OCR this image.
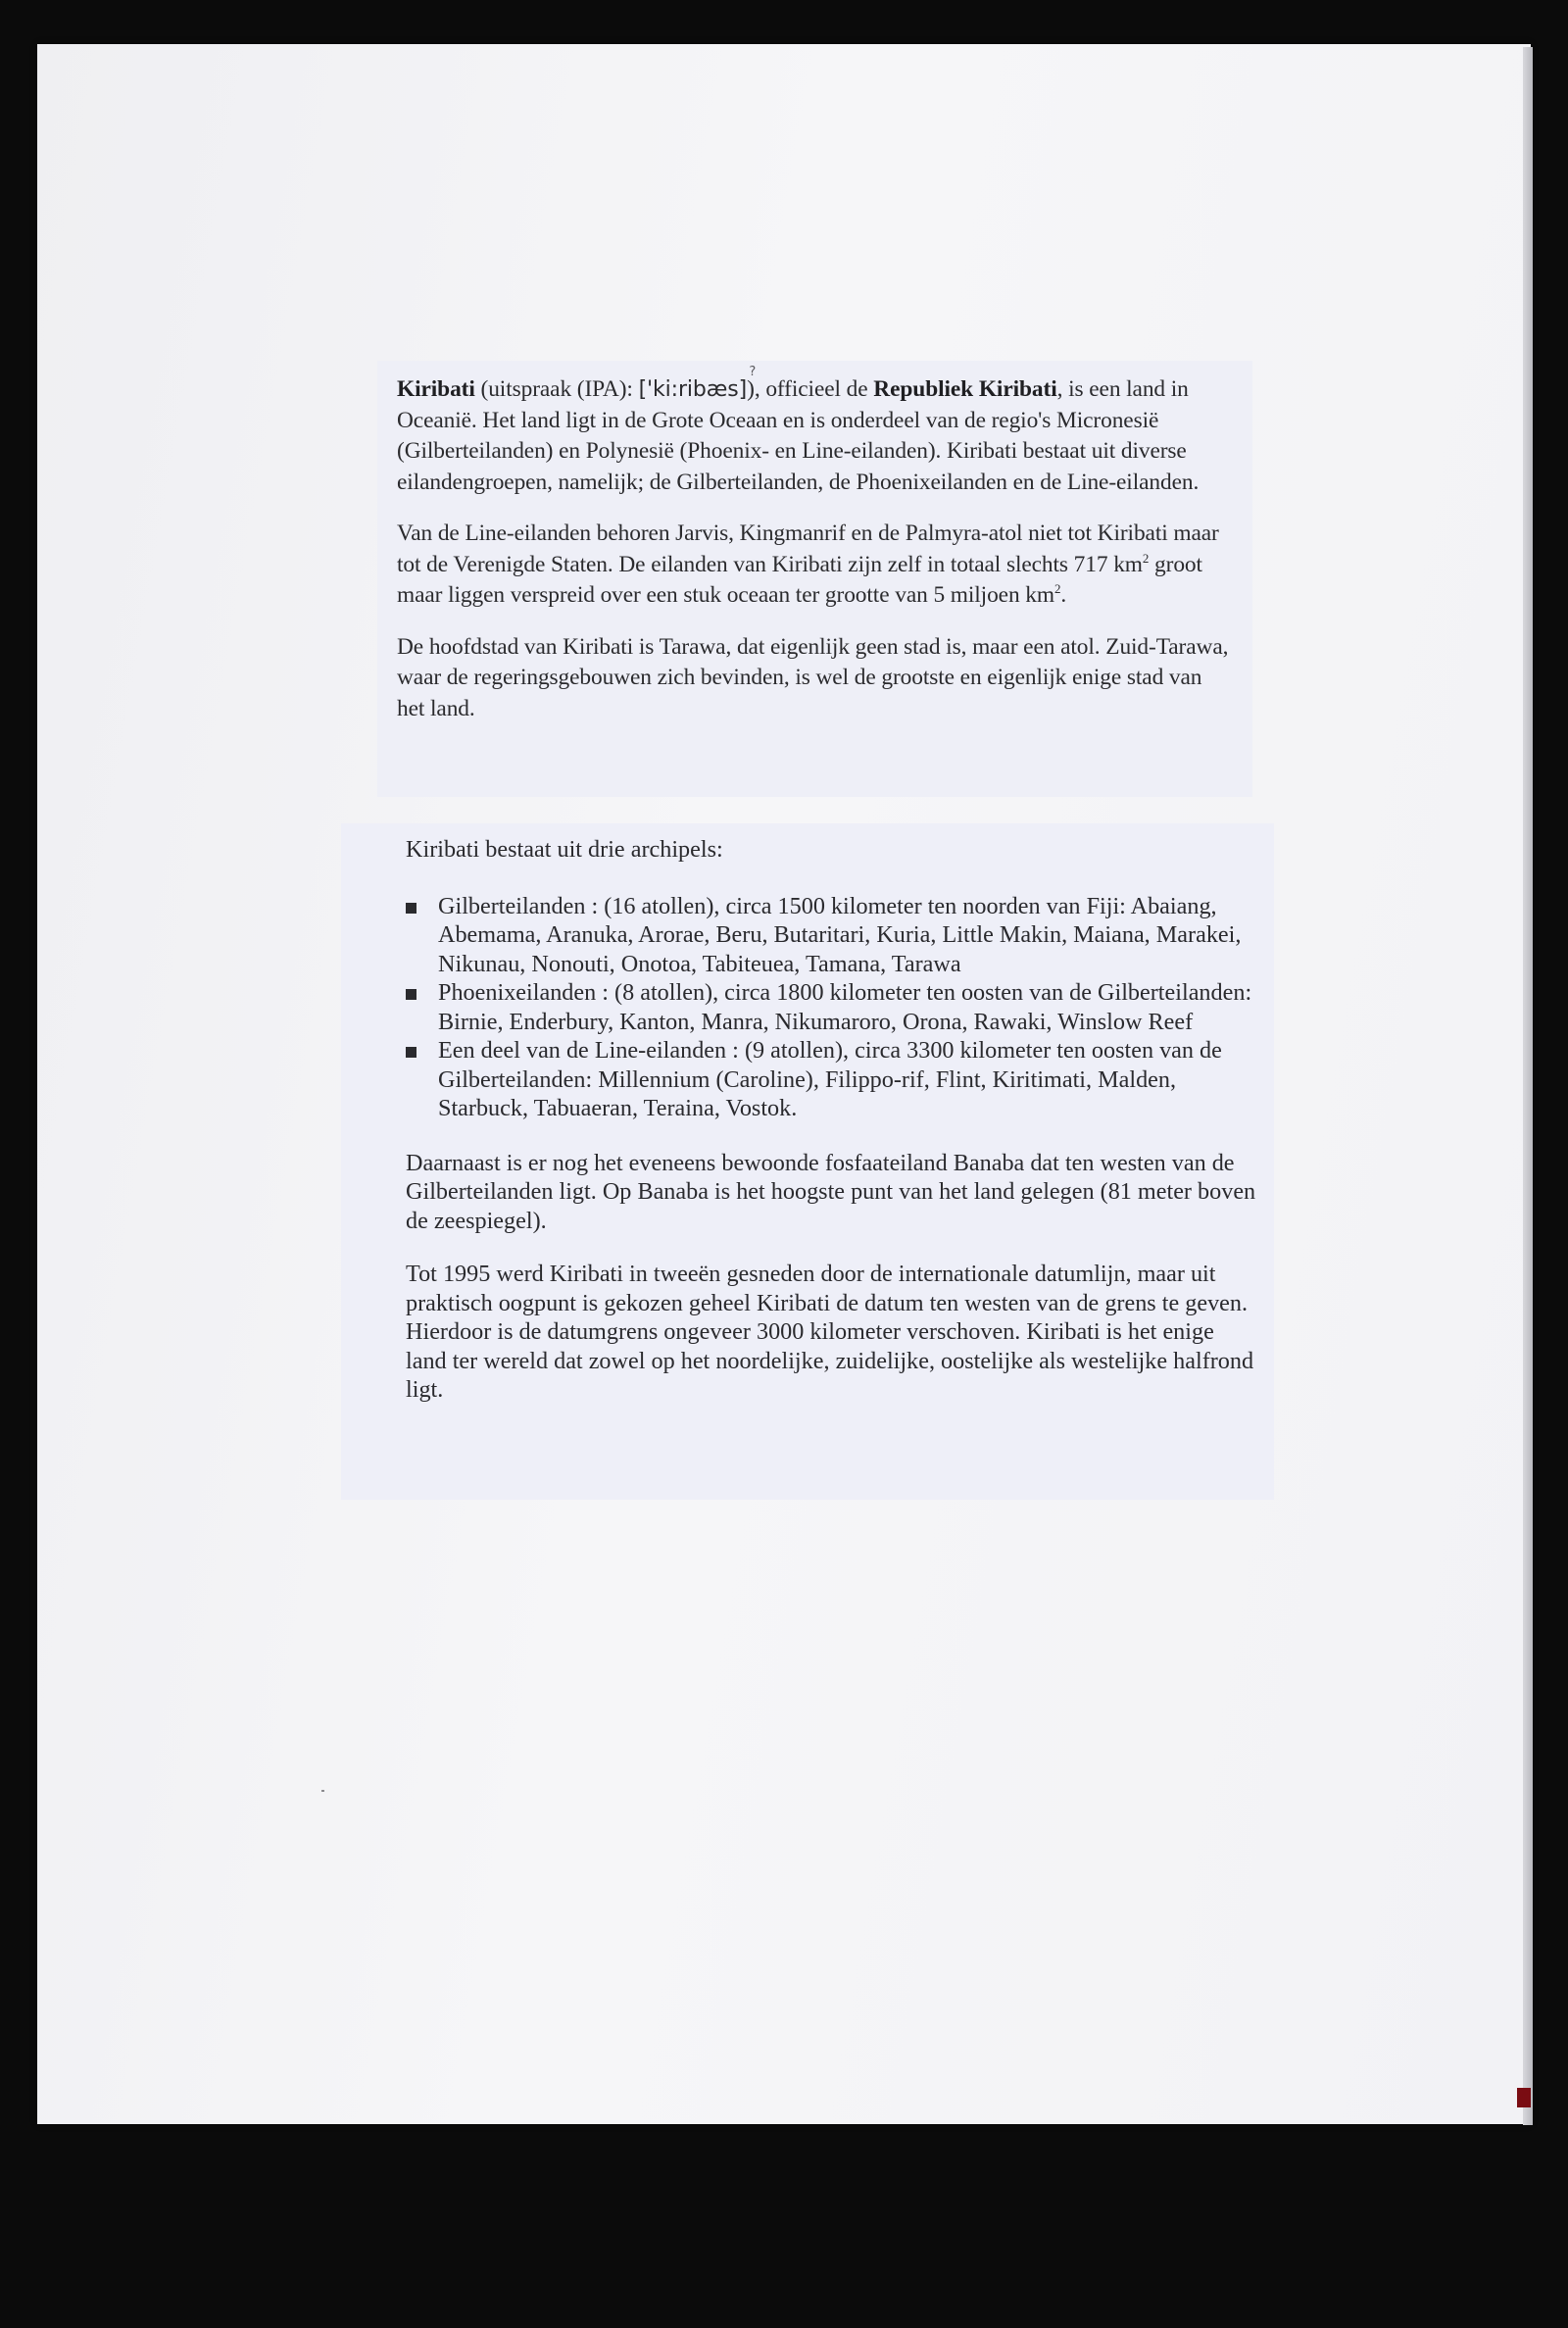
Kiribati (uitspraak (IPA): ['ki:ribæs]
?
), officieel de Republiek Kiribati, is een land in Oceanië. Het land ligt in de Grote Oceaan en is onderdeel van de regio's Micronesië (Gilberteilanden) en Polynesië (Phoenix- en Line-eilanden). Kiribati bestaat uit diverse eilandengroepen, namelijk; de Gilberteilanden, de Phoenixeilanden en de Line-eilanden.

Van de Line-eilanden behoren Jarvis, Kingmanrif en de Palmyra-atol niet tot Kiribati maar tot de Verenigde Staten. De eilanden van Kiribati zijn zelf in totaal slechts 717 $km^2$ groot maar liggen verspreid over een stuk oceaan ter grootte van 5 miljoen $km^2$.

De hoofdstad van Kiribati is Tarawa, dat eigenlijk geen stad is, maar een atol. Zuid-Tarawa, waar de regeringsgebouwen zich bevinden, is wel de grootste en eigenlijk enige stad van het land.

Kiribati bestaat uit drie archipels:

Gilberteilanden : (16 atollen), circa 1500 kilometer ten noorden van Fiji: Abaiang, Abemama, Aranuka, Arorae, Beru, Butaritari, Kuria, Little Makin, Maiana, Marakei, Nikunau, Nonouti, Onotoa, Tabiteuea, Tamana, Tarawa
Phoenixeilanden : (8 atollen), circa 1800 kilometer ten oosten van de Gilberteilanden: Birnie, Enderbury, Kanton, Manra, Nikumaroro, Orona, Rawaki, Winslow Reef
Een deel van de Line-eilanden : (9 atollen), circa 3300 kilometer ten oosten van de Gilberteilanden: Millennium (Caroline), Filippo-rif, Flint, Kiritimati, Malden, Starbuck, Tabuaeran, Teraina, Vostok.

Daarnaast is er nog het eveneens bewoonde fosfaateiland Banaba dat ten westen van de Gilberteilanden ligt. Op Banaba is het hoogste punt van het land gelegen (81 meter boven de zeespiegel).

Tot 1995 werd Kiribati in tweeën gesneden door de internationale datumlijn, maar uit praktisch oogpunt is gekozen geheel Kiribati de datum ten westen van de grens te geven. Hierdoor is de datumgrens ongeveer 3000 kilometer verschoven. Kiribati is het enige land ter wereld dat zowel op het noordelijke, zuidelijke, oostelijke als westelijke halfrond ligt.
